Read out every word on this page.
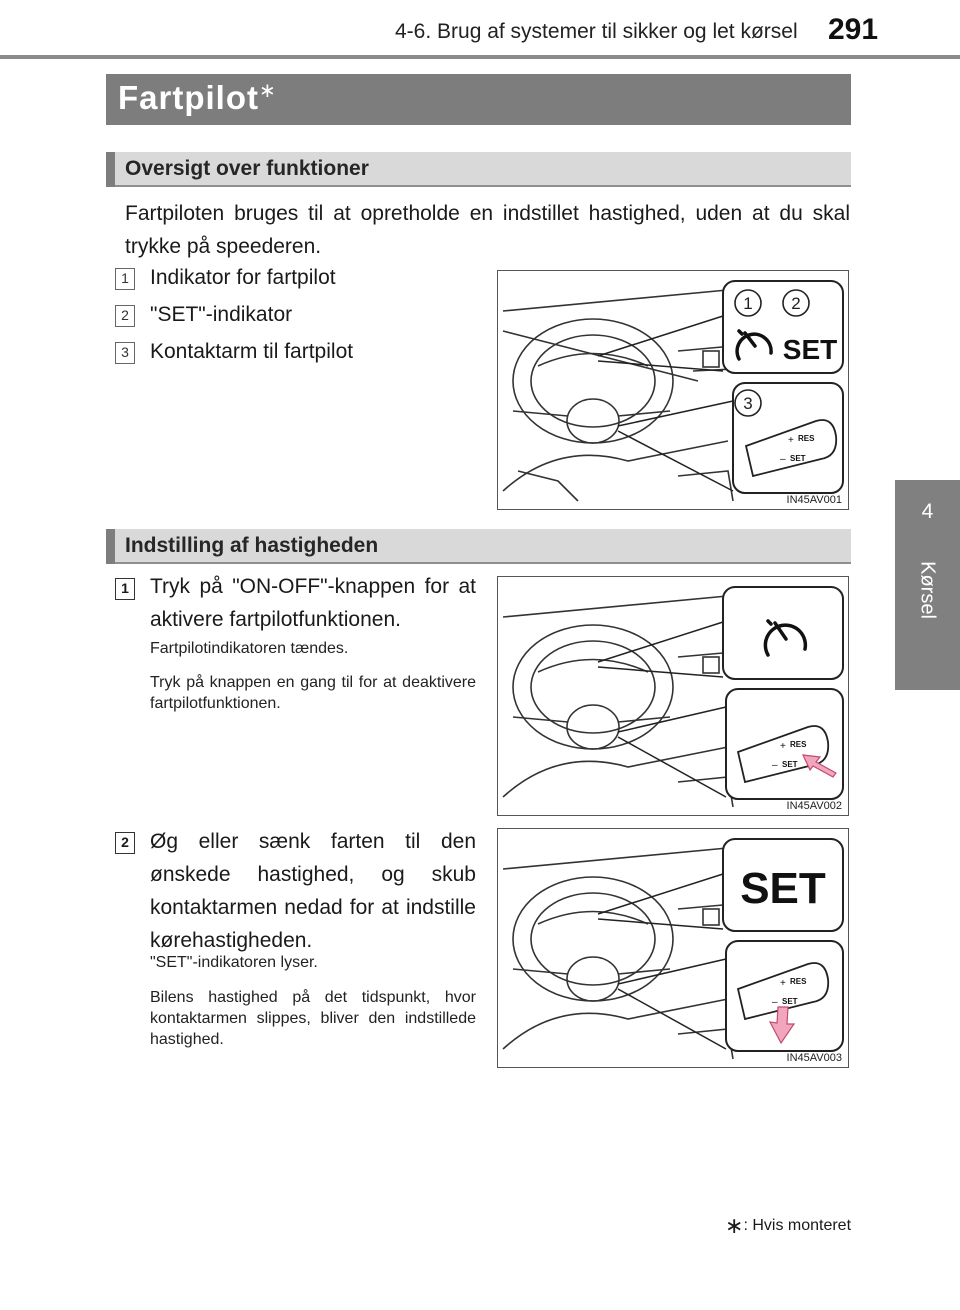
4-6. Brug af systemer til sikker og let kørsel 291
4
Kørsel
Fartpilot∗
Oversigt over funktioner
Fartpiloten bruges til at opretholde en indstillet hastighed, uden at du skal trykke på speederen.
1 Indikator for fartpilot
2 "SET"-indikator
3 Kontaktarm til fartpilot
1 2
3
SET
RES
+
SET
–
IN45AV001
Indstilling af hastigheden
1 Tryk på "ON-OFF"-knappen for at aktivere fartpilotfunktionen.
Fartpilotindikatoren tændes.
Tryk på knappen en gang til for at deaktivere fartpilotfunktionen.
RES
+
SET
–
IN45AV002
2 Øg eller sænk farten til den ønskede hastighed, og skub kontaktarmen nedad for at indstille kørehastigheden.
"SET"-indikatoren lyser.
Bilens hastighed på det tidspunkt, hvor kontaktarmen slippes, bliver den indstillede hastighed.
SET
RES
+
SET
–
IN45AV003
∗: Hvis monteret
